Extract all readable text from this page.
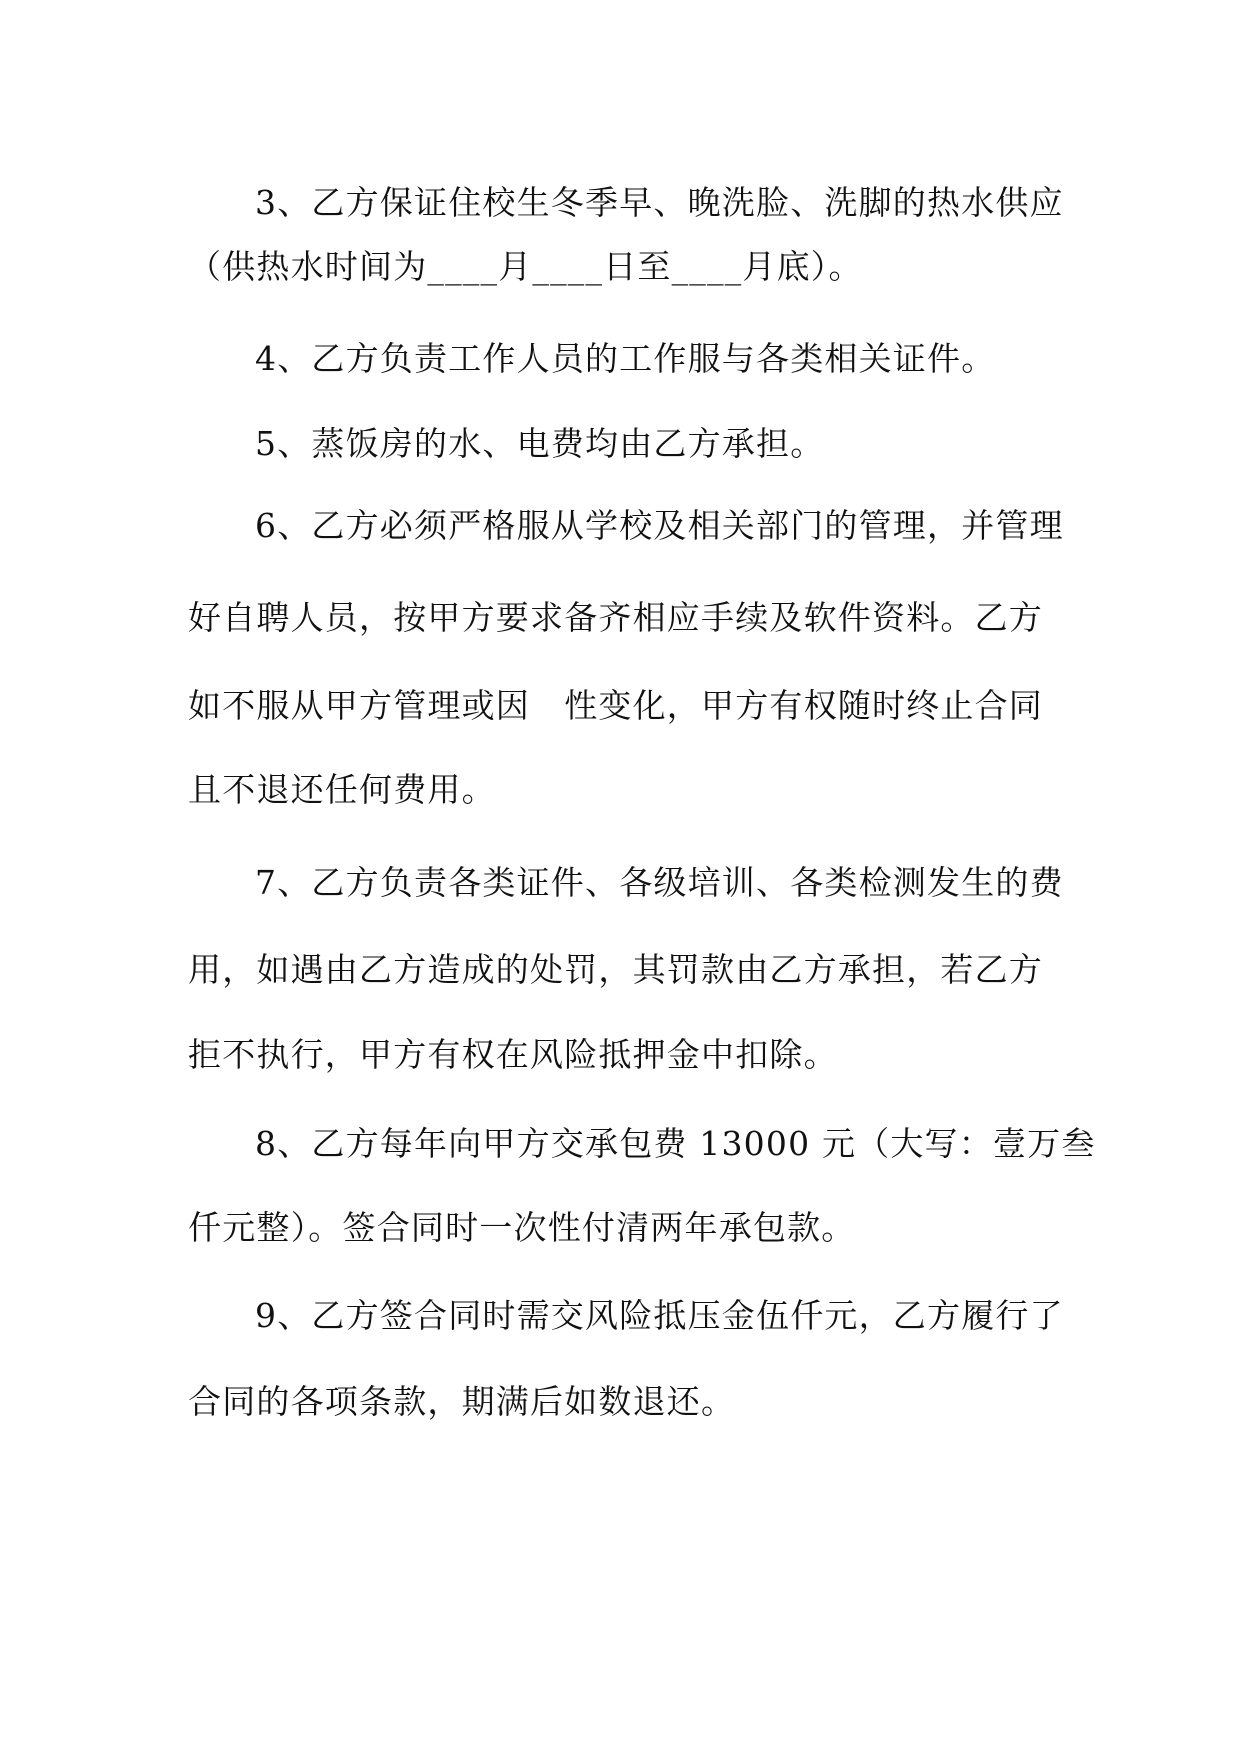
3、乙方保证住校生冬季早、晚洗脸、洗脚的热水供应
（供热水时间为____月____日至____月底）。
4、乙方负责工作人员的工作服与各类相关证件。
5、蒸饭房的水、电费均由乙方承担。
6、乙方必须严格服从学校及相关部门的管理，并管理
好自聘人员，按甲方要求备齐相应手续及软件资料。乙方
如不服从甲方管理或因　性变化，甲方有权随时终止合同
且不退还任何费用。
7、乙方负责各类证件、各级培训、各类检测发生的费
用，如遇由乙方造成的处罚，其罚款由乙方承担，若乙方
拒不执行，甲方有权在风险抵押金中扣除。
8、乙方每年向甲方交承包费 13000 元（大写：壹万叁
仟元整）。签合同时一次性付清两年承包款。
9、乙方签合同时需交风险抵压金伍仟元，乙方履行了
合同的各项条款，期满后如数退还。
